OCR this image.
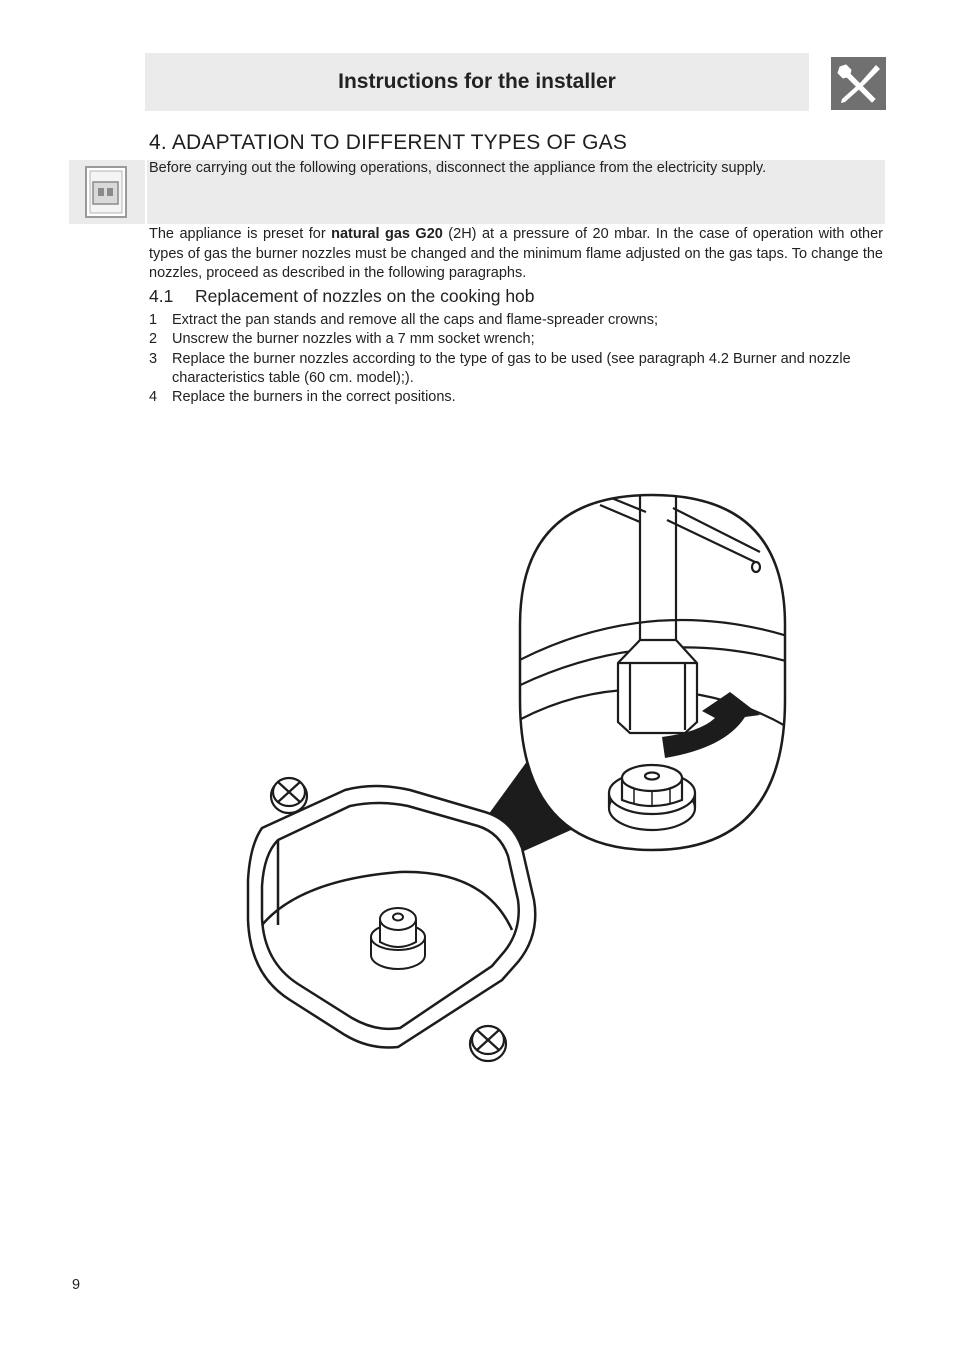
Instructions for the installer
4. ADAPTATION TO DIFFERENT TYPES OF GAS
Before carrying out the following operations, disconnect the appliance from the electricity supply.

The appliance is preset for natural gas G20 (2H) at a pressure of 20 mbar. In the case of operation with other types of gas the burner nozzles must be changed and the minimum flame adjusted on the gas taps. To change the nozzles, proceed as described in the following paragraphs.

4.1 Replacement of nozzles on the cooking hob
1 Extract the pan stands and remove all the caps and flame-spreader crowns;
2 Unscrew the burner nozzles with a 7 mm socket wrench;
3 Replace the burner nozzles according to the type of gas to be used (see paragraph 4.2 Burner and nozzle characteristics table (60 cm. model);).
4 Replace the burners in the correct positions.
9
